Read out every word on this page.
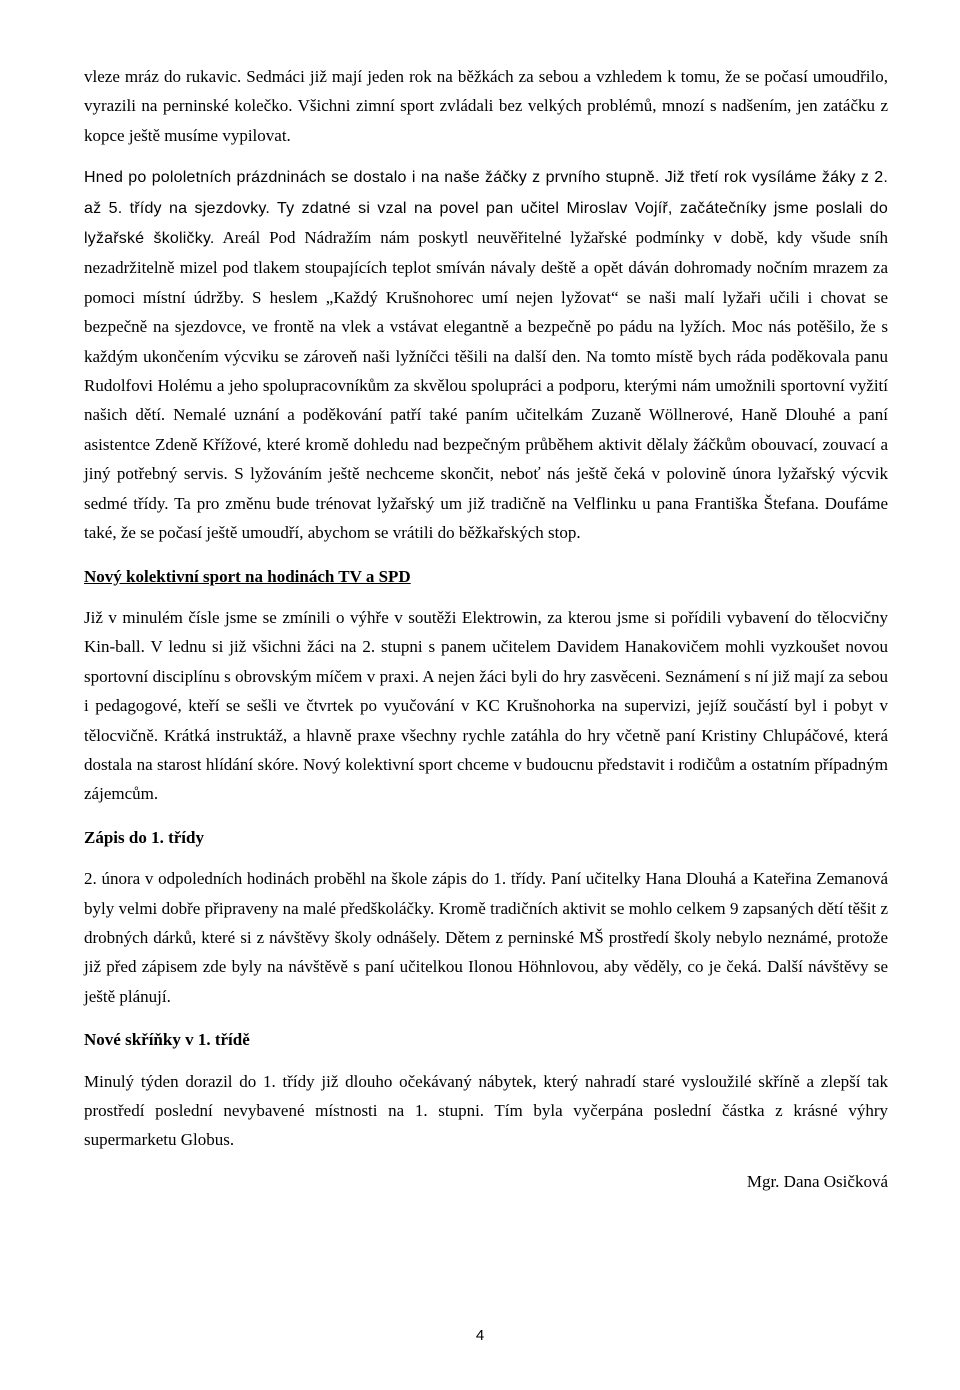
vleze mráz do rukavic. Sedmáci již mají jeden rok na běžkách za sebou a vzhledem k tomu, že se počasí umoudřilo, vyrazili na perninské kolečko. Všichni zimní sport zvládali bez velkých problémů, mnozí s nadšením, jen zatáčku z kopce ještě musíme vypilovat.

Hned po pololetních prázdninách se dostalo i na naše žáčky z prvního stupně. Již třetí rok vysíláme žáky z 2. až 5. třídy na sjezdovky. Ty zdatné si vzal na povel pan učitel Miroslav Vojíř, začátečníky jsme poslali do lyžařské školičky. Areál Pod Nádražím nám poskytl neuvěřitelné lyžařské podmínky v době, kdy všude sníh nezadržitelně mizel pod tlakem stoupajících teplot smíván návaly deště a opět dáván dohromady nočním mrazem za pomoci místní údržby. S heslem „Každý Krušnohorec umí nejen lyžovat“ se naši malí lyžaři učili i chovat se bezpečně na sjezdovce, ve frontě na vlek a vstávat elegantně a bezpečně po pádu na lyžích. Moc nás potěšilo, že s každým ukončením výcviku se zároveň naši lyžníčci těšili na další den. Na tomto místě bych ráda poděkovala panu Rudolfovi Holému a jeho spolupracovníkům za skvělou spolupráci a podporu, kterými nám umožnili sportovní vyžití našich dětí. Nemalé uznání a poděkování patří také paním učitelkám Zuzaně Wöllnerové, Haně Dlouhé a paní asistentce Zdeně Křížové, které kromě dohledu nad bezpečným průběhem aktivit dělaly žáčkům obouvací, zouvací a jiný potřebný servis. S lyžováním ještě nechceme skončit, neboť nás ještě čeká v polovině února lyžařský výcvik sedmé třídy. Ta pro změnu bude trénovat lyžařský um již tradičně na Velflinku u pana Františka Štefana. Doufáme také, že se počasí ještě umoudří, abychom se vrátili do běžkařských stop.

Nový kolektivní sport na hodinách TV a SPD

Již v minulém čísle jsme se zmínili o výhře v soutěži Elektrowin, za kterou jsme si pořídili vybavení do tělocvičny Kin-ball. V lednu si již všichni žáci na 2. stupni s panem učitelem Davidem Hanakovičem mohli vyzkoušet novou sportovní disciplínu s obrovským míčem v praxi. A nejen žáci byli do hry zasvěceni. Seznámení s ní již mají za sebou i pedagogové, kteří se sešli ve čtvrtek po vyučování v KC Krušnohorka na supervizi, jejíž součástí byl i pobyt v tělocvičně. Krátká instruktáž, a hlavně praxe všechny rychle zatáhla do hry včetně paní Kristiny Chlupáčové, která dostala na starost hlídání skóre. Nový kolektivní sport chceme v budoucnu představit i rodičům a ostatním případným zájemcům.

Zápis do 1. třídy

2. února v odpoledních hodinách proběhl na škole zápis do 1. třídy. Paní učitelky Hana Dlouhá a Kateřina Zemanová byly velmi dobře připraveny na malé předškoláčky. Kromě tradičních aktivit se mohlo celkem 9 zapsaných dětí těšit z drobných dárků, které si z návštěvy školy odnášely. Dětem z perninské MŠ prostředí školy nebylo neznámé, protože již před zápisem zde byly na návštěvě s paní učitelkou Ilonou Höhnlovou, aby věděly, co je čeká. Další návštěvy se ještě plánují.

Nové skříňky v 1. třídě

Minulý týden dorazil do 1. třídy již dlouho očekávaný nábytek, který nahradí staré vysloužilé skříně a zlepší tak prostředí poslední nevybavené místnosti na 1. stupni. Tím byla vyčerpána poslední částka z krásné výhry supermarketu Globus.

Mgr. Dana Osičková

4
